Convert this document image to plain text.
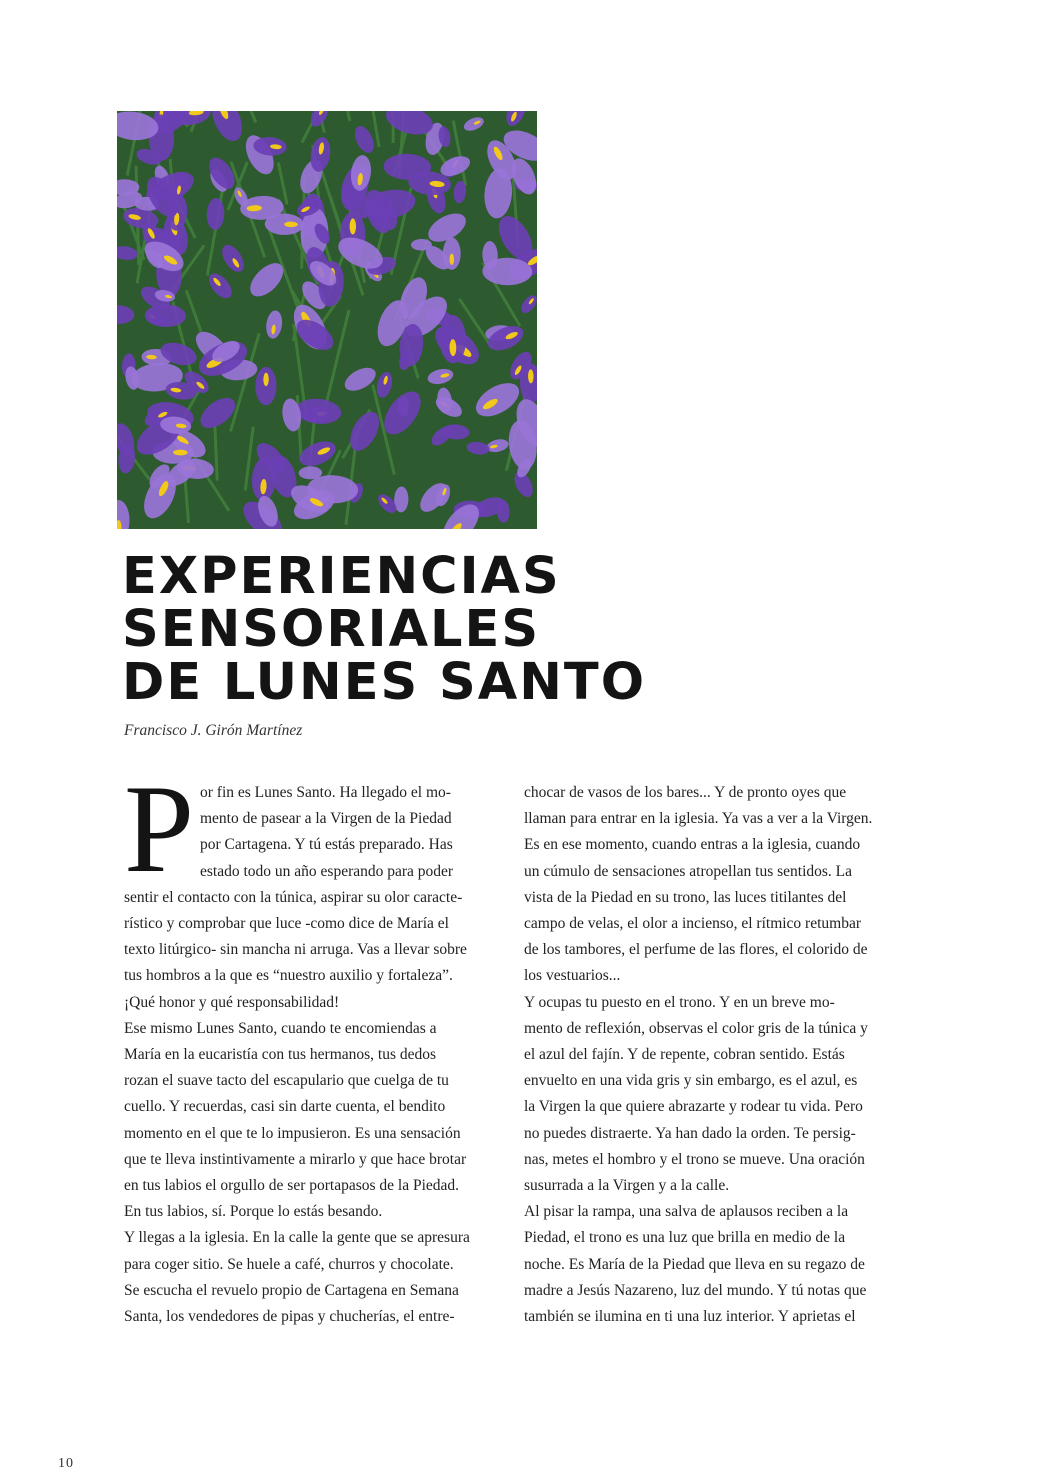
EXPERIENCIAS
SENSORIALES
DE LUNES SANTO
Francisco J. Girón Martínez
P or fin es Lunes Santo. Ha llegado el mo-

mento de pasear a la Virgen de la Piedad

por Cartagena. Y tú estás preparado. Has

estado todo un año esperando para poder

sentir el contacto con la túnica, aspirar su olor caracte-

rístico y comprobar que luce -como dice de María el

texto litúrgico- sin mancha ni arruga. Vas a llevar sobre

tus hombros a la que es “nuestro auxilio y fortaleza”.

¡Qué honor y qué responsabilidad!

Ese mismo Lunes Santo, cuando te encomiendas a

María en la eucaristía con tus hermanos, tus dedos

rozan el suave tacto del escapulario que cuelga de tu

cuello. Y recuerdas, casi sin darte cuenta, el bendito

momento en el que te lo impusieron. Es una sensación

que te lleva instintivamente a mirarlo y que hace brotar

en tus labios el orgullo de ser portapasos de la Piedad.

En tus labios, sí. Porque lo estás besando.

Y llegas a la iglesia. En la calle la gente que se apresura

para coger sitio. Se huele a café, churros y chocolate.

Se escucha el revuelo propio de Cartagena en Semana

Santa, los vendedores de pipas y chucherías, el entre-

chocar de vasos de los bares... Y de pronto oyes que

llaman para entrar en la iglesia. Ya vas a ver a la Virgen.

Es en ese momento, cuando entras a la iglesia, cuando

un cúmulo de sensaciones atropellan tus sentidos. La

vista de la Piedad en su trono, las luces titilantes del

campo de velas, el olor a incienso, el rítmico retumbar

de los tambores, el perfume de las flores, el colorido de

los vestuarios...

Y ocupas tu puesto en el trono. Y en un breve mo-

mento de reflexión, observas el color gris de la túnica y

el azul del fajín. Y de repente, cobran sentido. Estás

envuelto en una vida gris y sin embargo, es el azul, es

la Virgen la que quiere abrazarte y rodear tu vida. Pero

no puedes distraerte. Ya han dado la orden. Te persig-

nas, metes el hombro y el trono se mueve. Una oración

susurrada a la Virgen y a la calle.

Al pisar la rampa, una salva de aplausos reciben a la

Piedad, el trono es una luz que brilla en medio de la

noche. Es María de la Piedad que lleva en su regazo de

madre a Jesús Nazareno, luz del mundo. Y tú notas que

también se ilumina en ti una luz interior. Y aprietas el

10
